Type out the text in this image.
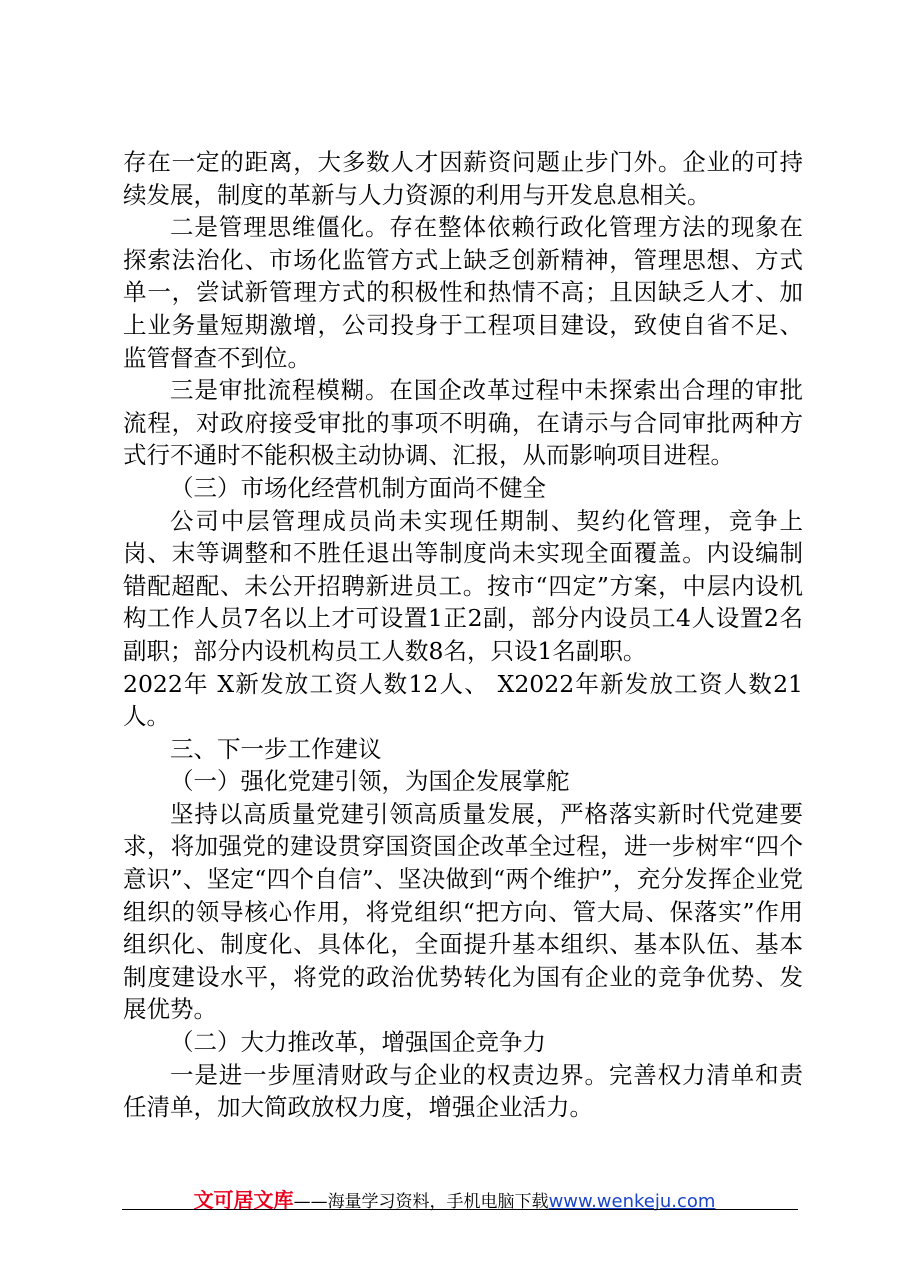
存在一定的距离，大多数人才因薪资问题止步门外。企业的可持续发展，制度的革新与人力资源的利用与开发息息相关。

二是管理思维僵化。存在整体依赖行政化管理方法的现象在探索法治化、市场化监管方式上缺乏创新精神，管理思想、方式单一，尝试新管理方式的积极性和热情不高；且因缺乏人才、加上业务量短期激增，公司投身于工程项目建设，致使自省不足、监管督查不到位。

三是审批流程模糊。在国企改革过程中未探索出合理的审批流程，对政府接受审批的事项不明确，在请示与合同审批两种方式行不通时不能积极主动协调、汇报，从而影响项目进程。

（三）市场化经营机制方面尚不健全

公司中层管理成员尚未实现任期制、契约化管理，竞争上岗、末等调整和不胜任退出等制度尚未实现全面覆盖。内设编制错配超配、未公开招聘新进员工。按市“四定”方案，中层内设机构工作人员7名以上才可设置1正2副，部分内设员工4人设置2名副职；部分内设机构员工人数8名，只设1名副职。

2022年 X新发放工资人数12人、 X2022年新发放工资人数21人。

三、下一步工作建议

（一）强化党建引领，为国企发展掌舵

坚持以高质量党建引领高质量发展，严格落实新时代党建要求，将加强党的建设贯穿国资国企改革全过程，进一步树牢“四个意识”、坚定“四个自信”、坚决做到“两个维护”，充分发挥企业党组织的领导核心作用，将党组织“把方向、管大局、保落实”作用组织化、制度化、具体化，全面提升基本组织、基本队伍、基本制度建设水平，将党的政治优势转化为国有企业的竞争优势、发展优势。

（二）大力推改革，增强国企竞争力

一是进一步厘清财政与企业的权责边界。完善权力清单和责任清单，加大简政放权力度，增强企业活力。

文可居文库——海量学习资料，手机电脑下载www.wenkeju.com
